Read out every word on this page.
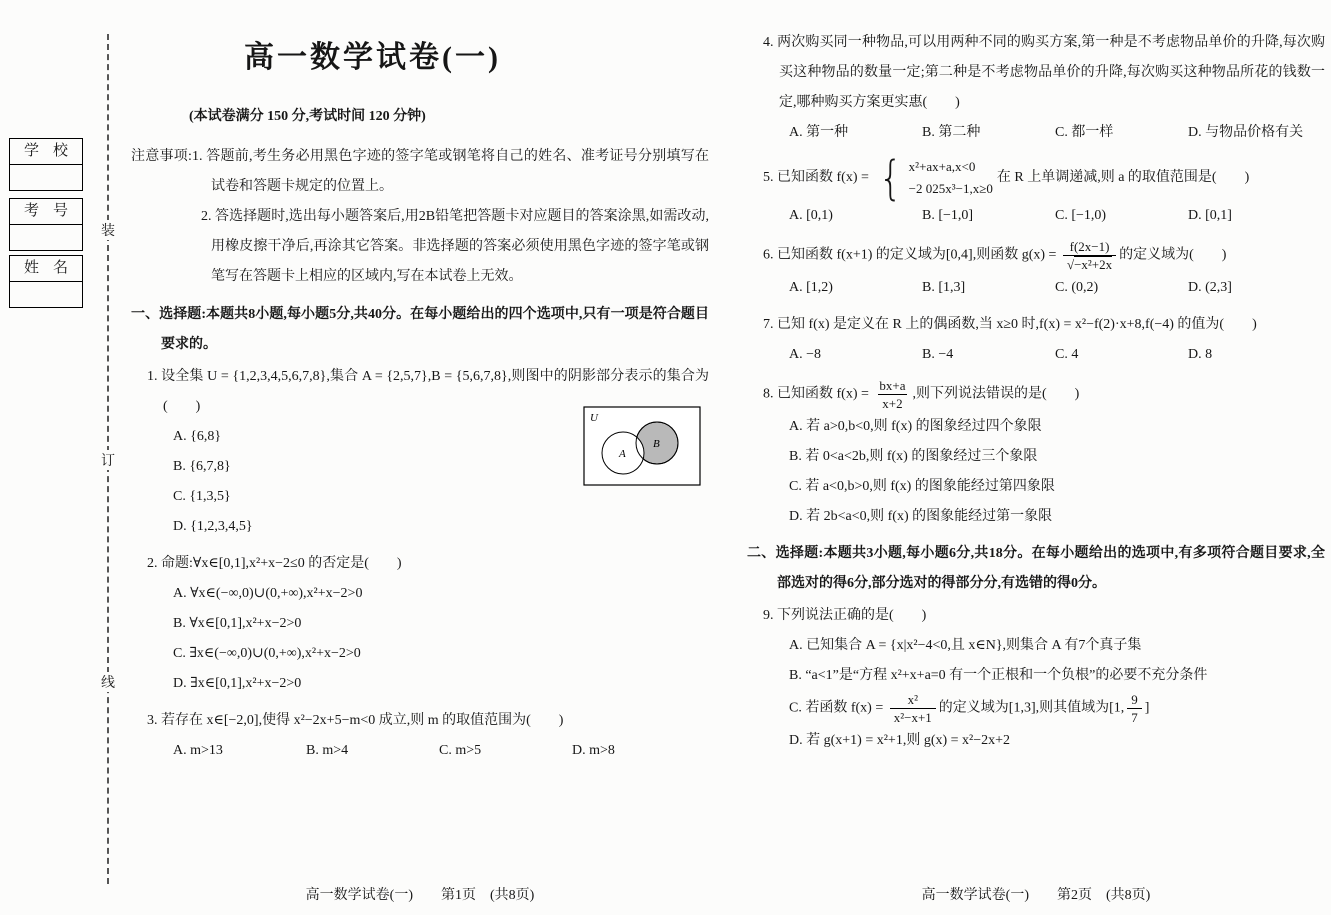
装
订
线
学校
考号
姓名
高一数学试卷(一)
(本试卷满分 150 分,考试时间 120 分钟)

注意事项:1. 答题前,考生务必用黑色字迹的签字笔或钢笔将自己的姓名、准考证号分别填写在试卷和答题卡规定的位置上。

2. 答选择题时,选出每小题答案后,用2B铅笔把答题卡对应题目的答案涂黑,如需改动,用橡皮擦干净后,再涂其它答案。非选择题的答案必须使用黑色字迹的签字笔或钢笔写在答题卡上相应的区域内,写在本试卷上无效。

一、选择题:本题共8小题,每小题5分,共40分。在每小题给出的四个选项中,只有一项是符合题目要求的。
1. 设全集 U = {1,2,3,4,5,6,7,8},集合 A = {2,5,7},B = {5,6,7,8},则图中的阴影部分表示的集合为(　　)
U
A
B
A. {6,8}
B. {6,7,8}
C. {1,3,5}
D. {1,2,3,4,5}
2. 命题:∀x∈[0,1],x²+x−2≤0 的否定是(　　)
A. ∀x∈(−∞,0)∪(0,+∞),x²+x−2>0
B. ∀x∈[0,1],x²+x−2>0
C. ∃x∈(−∞,0)∪(0,+∞),x²+x−2>0
D. ∃x∈[0,1],x²+x−2>0
3. 若存在 x∈[−2,0],使得 x²−2x+5−m<0 成立,则 m 的取值范围为(　　)
A. m>13	B. m>4	C. m>5	D. m>8
4. 两次购买同一种物品,可以用两种不同的购买方案,第一种是不考虑物品单价的升降,每次购买这种物品的数量一定;第二种是不考虑物品单价的升降,每次购买这种物品所花的钱数一定,哪种购买方案更实惠(　　)
A. 第一种	B. 第二种	C. 都一样	D. 与物品价格有关
5. 已知函数 f(x) = { x²+ax+a,x<0
−2 025x³−1,x≥0
在 R 上单调递减,则 a 的取值范围是(　　)
A. [0,1)	B. [−1,0]	C. [−1,0)	D. [0,1]
6. 已知函数 f(x+1) 的定义域为[0,4],则函数 $g(x) = \frac{f(2x-1)}{\text{√−x²+2x}}$ 的定义域为(　　)
A. [1,2)	B. [1,3]	C. (0,2)	D. (2,3]
7. 已知 f(x) 是定义在 R 上的偶函数,当 x≥0 时,f(x) = x²−f(2)·x+8,f(−4) 的值为(　　)
A. −8	B. −4	C. 4	D. 8
8. 已知函数 $f(x) = \frac{bx+a}{x+2}$ ,则下列说法错误的是(　　)
A. 若 a>0,b<0,则 f(x) 的图象经过四个象限
B. 若 0<a<2b,则 f(x) 的图象经过三个象限
C. 若 a<0,b>0,则 f(x) 的图象能经过第四象限
D. 若 2b<a<0,则 f(x) 的图象能经过第一象限
二、选择题:本题共3小题,每小题6分,共18分。在每小题给出的选项中,有多项符合题目要求,全部选对的得6分,部分选对的得部分分,有选错的得0分。
9. 下列说法正确的是(　　)
A. 已知集合 A = {x|x²−4<0,且 x∈N},则集合 A 有7个真子集
B. “a<1”是“方程 x²+x+a=0 有一个正根和一个负根”的必要不充分条件
C. 若函数 $f(x) = \frac{\text{x²}}{\text{x²−x+1}}$ 的定义域为[1,3],则其值域为[1, $\frac{9}{7}$ ]
D. 若 g(x+1) = x²+1,则 g(x) = x²−2x+2
高一数学试卷(一)　　第1页　(共8页)	高一数学试卷(一)　　第2页　(共8页)
